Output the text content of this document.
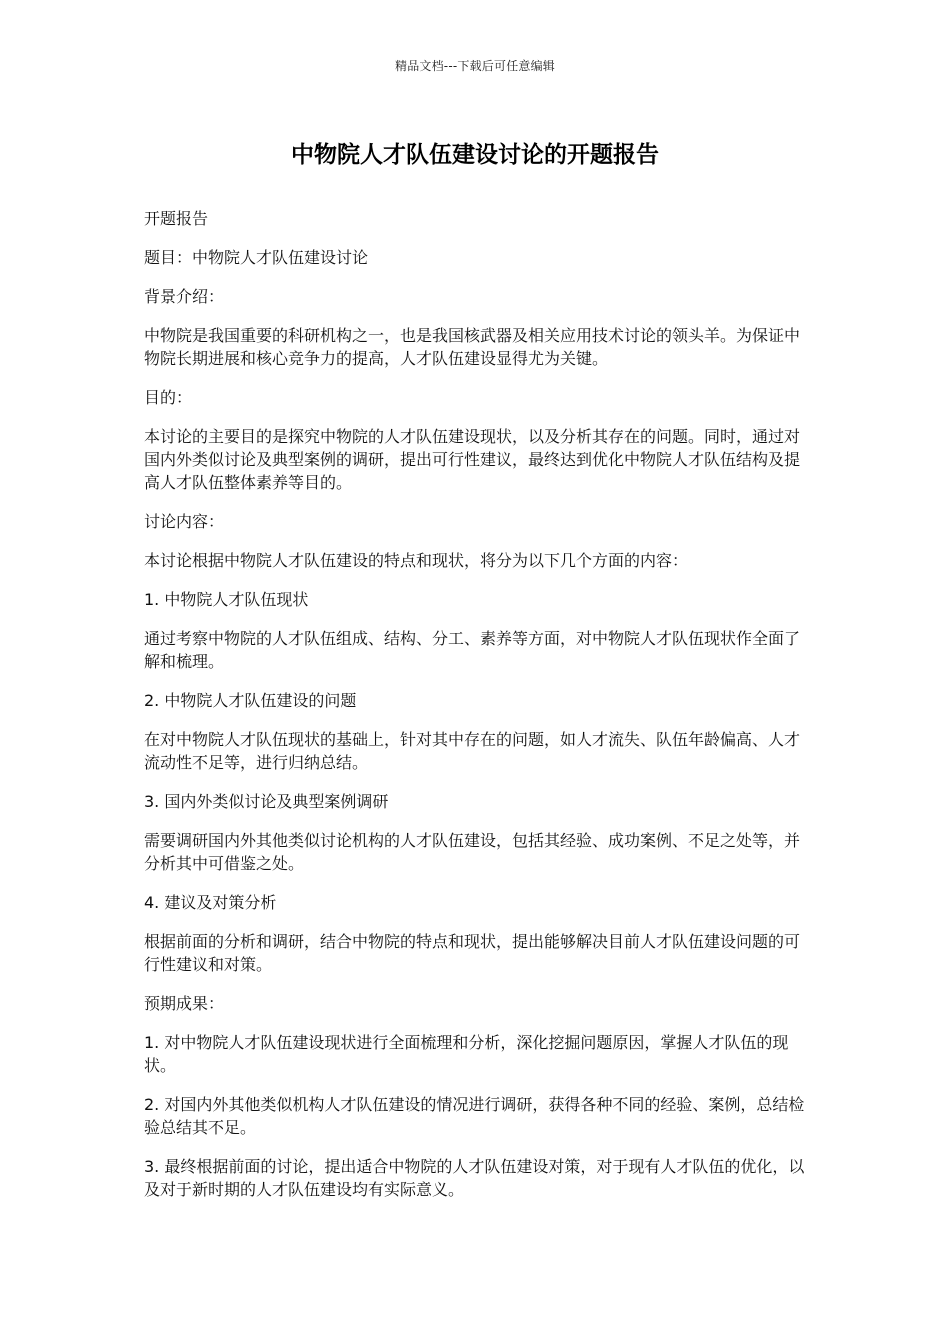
精品文档---下载后可任意编辑
中物院人才队伍建设讨论的开题报告

开题报告

题目：中物院人才队伍建设讨论

背景介绍：

中物院是我国重要的科研机构之一，也是我国核武器及相关应用技术讨论的领头羊。为保证中物院长期进展和核心竞争力的提高，人才队伍建设显得尤为关键。

目的：

本讨论的主要目的是探究中物院的人才队伍建设现状，以及分析其存在的问题。同时，通过对国内外类似讨论及典型案例的调研，提出可行性建议，最终达到优化中物院人才队伍结构及提高人才队伍整体素养等目的。

讨论内容：

本讨论根据中物院人才队伍建设的特点和现状，将分为以下几个方面的内容：

1. 中物院人才队伍现状

通过考察中物院的人才队伍组成、结构、分工、素养等方面，对中物院人才队伍现状作全面了解和梳理。

2. 中物院人才队伍建设的问题

在对中物院人才队伍现状的基础上，针对其中存在的问题，如人才流失、队伍年龄偏高、人才流动性不足等，进行归纳总结。

3. 国内外类似讨论及典型案例调研

需要调研国内外其他类似讨论机构的人才队伍建设，包括其经验、成功案例、不足之处等，并分析其中可借鉴之处。

4. 建议及对策分析

根据前面的分析和调研，结合中物院的特点和现状，提出能够解决目前人才队伍建设问题的可行性建议和对策。

预期成果：

1. 对中物院人才队伍建设现状进行全面梳理和分析，深化挖掘问题原因，掌握人才队伍的现状。

2. 对国内外其他类似机构人才队伍建设的情况进行调研，获得各种不同的经验、案例，总结检验总结其不足。

3. 最终根据前面的讨论，提出适合中物院的人才队伍建设对策，对于现有人才队伍的优化，以及对于新时期的人才队伍建设均有实际意义。
